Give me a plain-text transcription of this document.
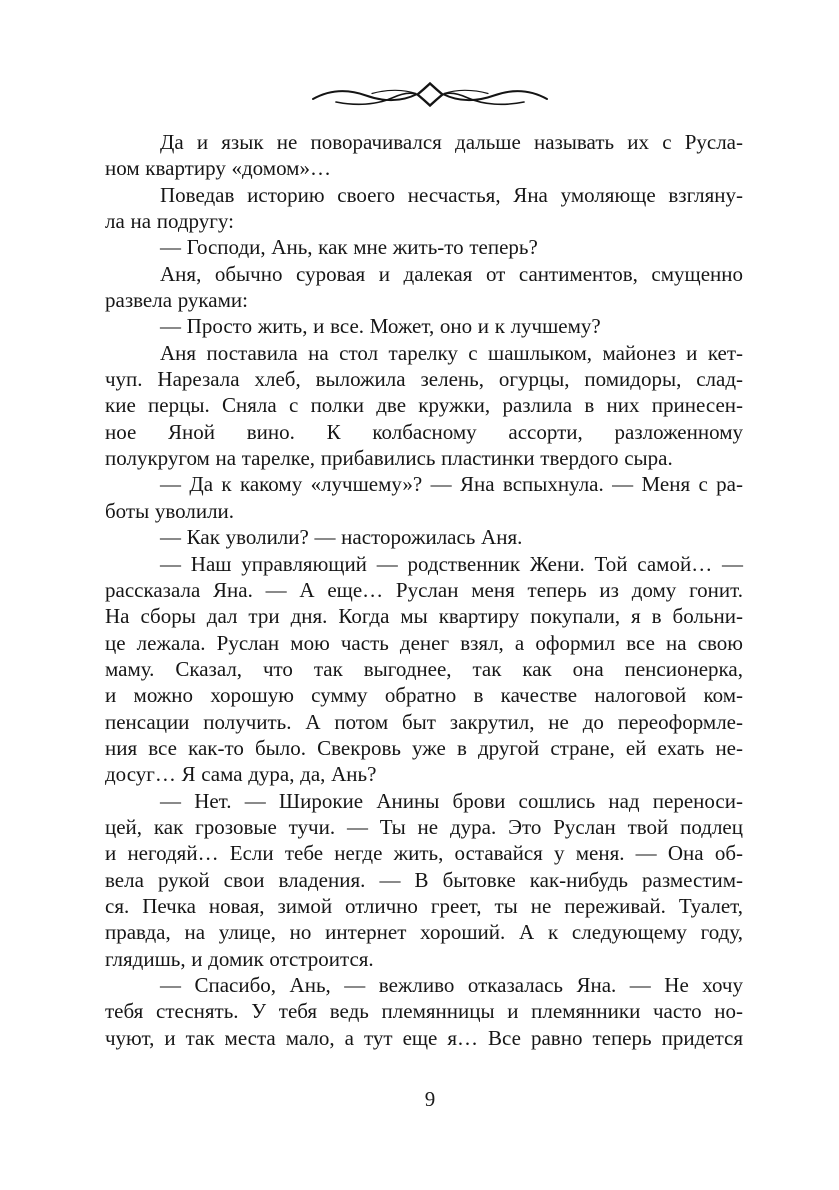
Да и язык не поворачивался дальше называть их с Русла-
ном квартиру «домом»…
Поведав историю своего несчастья, Яна умоляюще взгляну-
ла на подругу:
— Господи, Ань, как мне жить-то теперь?
Аня, обычно суровая и далекая от сантиментов, смущенно
развела руками:
— Просто жить, и все. Может, оно и к лучшему?
Аня поставила на стол тарелку с шашлыком, майонез и кет-
чуп. Нарезала хлеб, выложила зелень, огурцы, помидоры, слад-
кие перцы. Сняла с полки две кружки, разлила в них принесен-
ное Яной вино. К колбасному ассорти, разложенному
полукругом на тарелке, прибавились пластинки твердого сыра.
— Да к какому «лучшему»? — Яна вспыхнула. — Меня с ра-
боты уволили.
— Как уволили? — насторожилась Аня.
— Наш управляющий — родственник Жени. Той самой… —
рассказала Яна. — А еще… Руслан меня теперь из дому гонит.
На сборы дал три дня. Когда мы квартиру покупали, я в больни-
це лежала. Руслан мою часть денег взял, а оформил все на свою
маму. Сказал, что так выгоднее, так как она пенсионерка,
и можно хорошую сумму обратно в качестве налоговой ком-
пенсации получить. А потом быт закрутил, не до переоформле-
ния все как-то было. Свекровь уже в другой стране, ей ехать не-
досуг… Я сама дура, да, Ань?
— Нет. — Широкие Анины брови сошлись над переноси-
цей, как грозовые тучи. — Ты не дура. Это Руслан твой подлец
и негодяй… Если тебе негде жить, оставайся у меня. — Она об-
вела рукой свои владения. — В бытовке как-нибудь разместим-
ся. Печка новая, зимой отлично греет, ты не переживай. Туалет,
правда, на улице, но интернет хороший. А к следующему году,
глядишь, и домик отстроится.
— Спасибо, Ань, — вежливо отказалась Яна. — Не хочу
тебя стеснять. У тебя ведь племянницы и племянники часто но-
чуют, и так места мало, а тут еще я… Все равно теперь придется
9
